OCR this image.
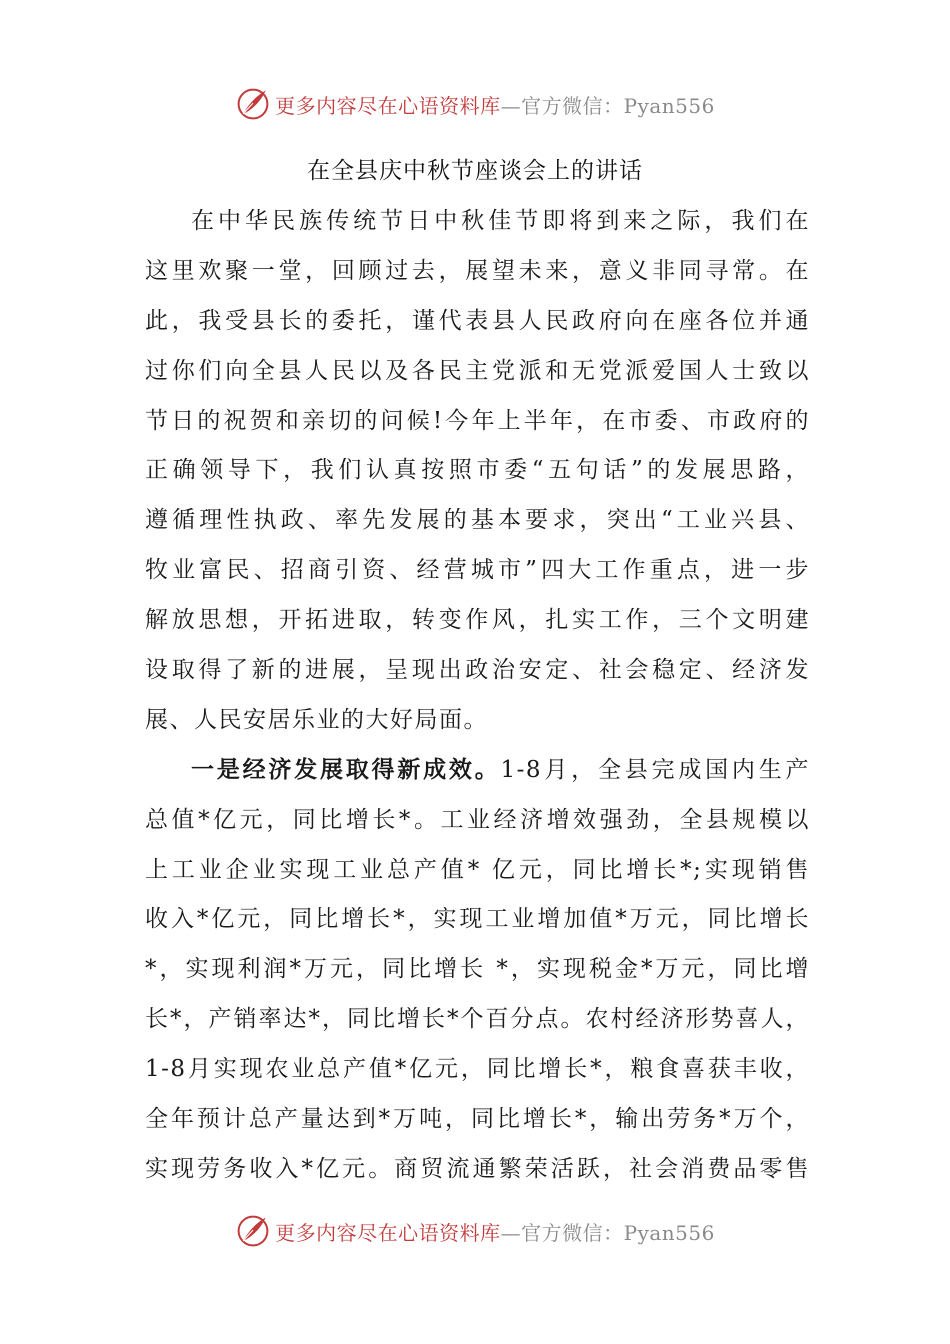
更多内容尽在心语资料库—官方微信：Pyan556
在全县庆中秋节座谈会上的讲话
在中华民族传统节日中秋佳节即将到来之际，我们在
这里欢聚一堂，回顾过去，展望未来，意义非同寻常。在
此，我受县长的委托，谨代表县人民政府向在座各位并通
过你们向全县人民以及各民主党派和无党派爱国人士致以
节日的祝贺和亲切的问候!今年上半年，在市委、市政府的
正确领导下，我们认真按照市委“五句话”的发展思路，
遵循理性执政、率先发展的基本要求，突出“工业兴县、
牧业富民、招商引资、经营城市”四大工作重点，进一步
解放思想，开拓进取，转变作风，扎实工作，三个文明建
设取得了新的进展，呈现出政治安定、社会稳定、经济发
展、人民安居乐业的大好局面。
一是经济发展取得新成效。1-8月，全县完成国内生产
总值*亿元，同比增长*。工业经济增效强劲，全县规模以
上工业企业实现工业总产值* 亿元，同比增长*;实现销售
收入*亿元，同比增长*，实现工业增加值*万元，同比增长
*，实现利润*万元，同比增长 *，实现税金*万元，同比增
长*，产销率达*，同比增长*个百分点。农村经济形势喜人，
1-8月实现农业总产值*亿元，同比增长*，粮食喜获丰收，
全年预计总产量达到*万吨，同比增长*，输出劳务*万个，
实现劳务收入*亿元。商贸流通繁荣活跃，社会消费品零售
更多内容尽在心语资料库—官方微信：Pyan556
